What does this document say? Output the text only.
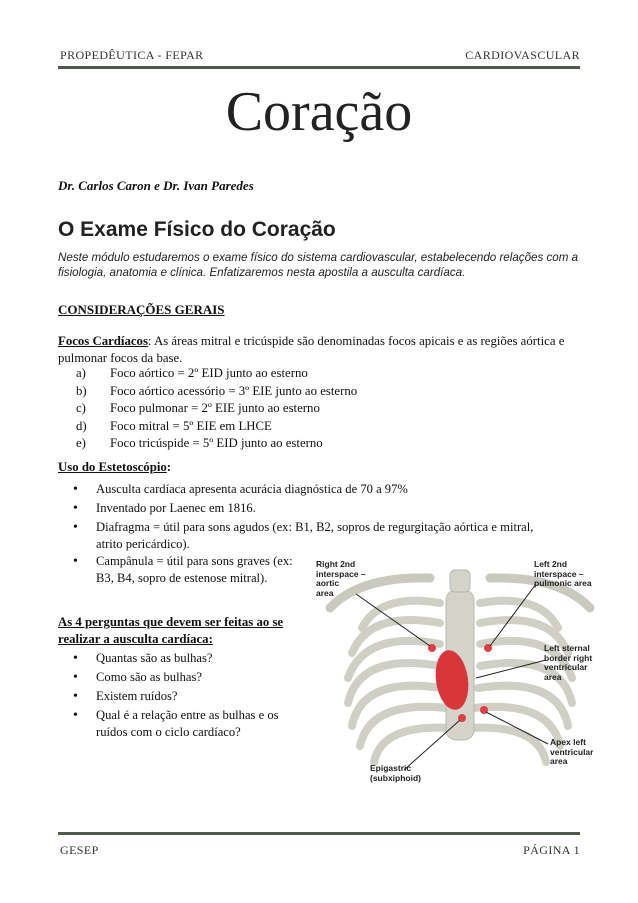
PROPEDÊUTICA - FEPAR	CARDIOVASCULAR
Coração
Dr. Carlos Caron e Dr. Ivan Paredes
O Exame Físico do Coração
Neste módulo estudaremos o exame físico do sistema cardiovascular, estabelecendo relações com a fisiologia, anatomia e clínica. Enfatizaremos nesta apostila a ausculta cardíaca.
CONSIDERAÇÕES GERAIS
Focos Cardíacos: As áreas mitral e tricúspide são denominadas focos apicais e as regiões aórtica e pulmonar focos da base.
a) Foco aórtico = 2º EID junto ao esterno
b) Foco aórtico acessório = 3º EIE junto ao esterno
c) Foco pulmonar = 2º EIE junto ao esterno
d) Foco mitral = 5º EIE em LHCE
e) Foco tricúspide = 5º EID junto ao esterno
Uso do Estetoscópio:
• Ausculta cardíaca apresenta acurácia diagnóstica de 70 a 97%
• Inventado por Laenec em 1816.
• Diafragma = útil para sons agudos (ex: B1, B2, sopros de regurgitação aórtica e mitral, atrito pericárdico).
• Campânula = útil para sons graves (ex: B3, B4, sopro de estenose mitral).
As 4 perguntas que devem ser feitas ao se realizar a ausculta cardíaca:
• Quantas são as bulhas?
• Como são as bulhas?
• Existem ruídos?
• Qual é a relação entre as bulhas e os ruídos com o ciclo cardíaco?
Right 2nd
interspace –
aortic
area
Left 2nd
interspace –
pulmonic area
Left sternal
border right
ventricular
area
Apex left
ventricular
area
Epigastric
(subxiphoid)
GESEP	PÁGINA 1
